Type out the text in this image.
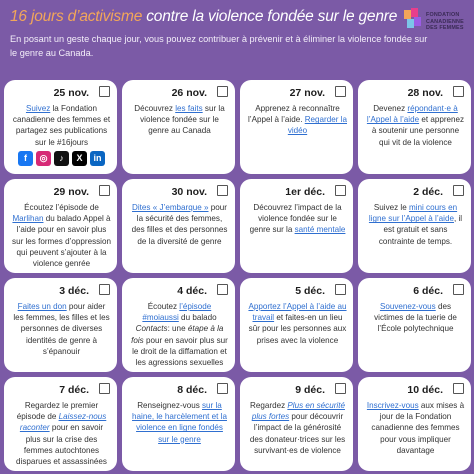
16 jours d’activisme contre la violence fondée sur le genre
En posant un geste chaque jour, vous pouvez contribuer à prévenir et à éliminer la violence fondée sur le genre au Canada.
FONDATION
CANADIENNE
DES FEMMES
25 nov.
Suivez la Fondation canadienne des femmes et partagez ses publications sur le #16jours
f	◎	♪	X	in
26 nov.
Découvrez les faits sur la violence fondée sur le genre au Canada
27 nov.
Apprenez à reconnaître l’Appel à l’aide. Regarder la vidéo
28 nov.
Devenez répondant·e à l’Appel à l’aide et apprenez à soutenir une personne qui vit de la violence
29 nov.
Écoutez l’épisode de Marlihan du balado Appel à l’aide pour en savoir plus sur les formes d’oppression qui peuvent s’ajouter à la violence genrée
30 nov.
Dites « J’embarque » pour la sécurité des femmes, des filles et des personnes de la diversité de genre
1er déc.
Découvrez l’impact de la violence fondée sur le genre sur la santé mentale
2 déc.
Suivez le mini cours en ligne sur l’Appel à l’aide, il est gratuit et sans contrainte de temps.
3 déc.
Faites un don pour aider les femmes, les filles et les personnes de diverses identités de genre à s’épanouir
4 déc.
Écoutez l’épisode #moiaussi du balado Contacts: une étape à la fois pour en savoir plus sur le droit de la diffamation et les agressions sexuelles
5 déc.
Apportez l’Appel à l’aide au travail et faites-en un lieu sûr pour les personnes aux prises avec la violence
6 déc.
Souvenez-vous des victimes de la tuerie de l’École polytechnique
7 déc.
Regardez le premier épisode de Laissez-nous raconter pour en savoir plus sur la crise des femmes autochtones disparues et assassinées
8 déc.
Renseignez-vous sur la haine, le harcèlement et la violence en ligne fondés sur le genre
9 déc.
Regardez Plus en sécurité plus fortes pour découvrir l’impact de la générosité des donateur·trices sur les survivant·es de violence
10 déc.
Inscrivez-vous aux mises à jour de la Fondation canadienne des femmes pour vous impliquer davantage
